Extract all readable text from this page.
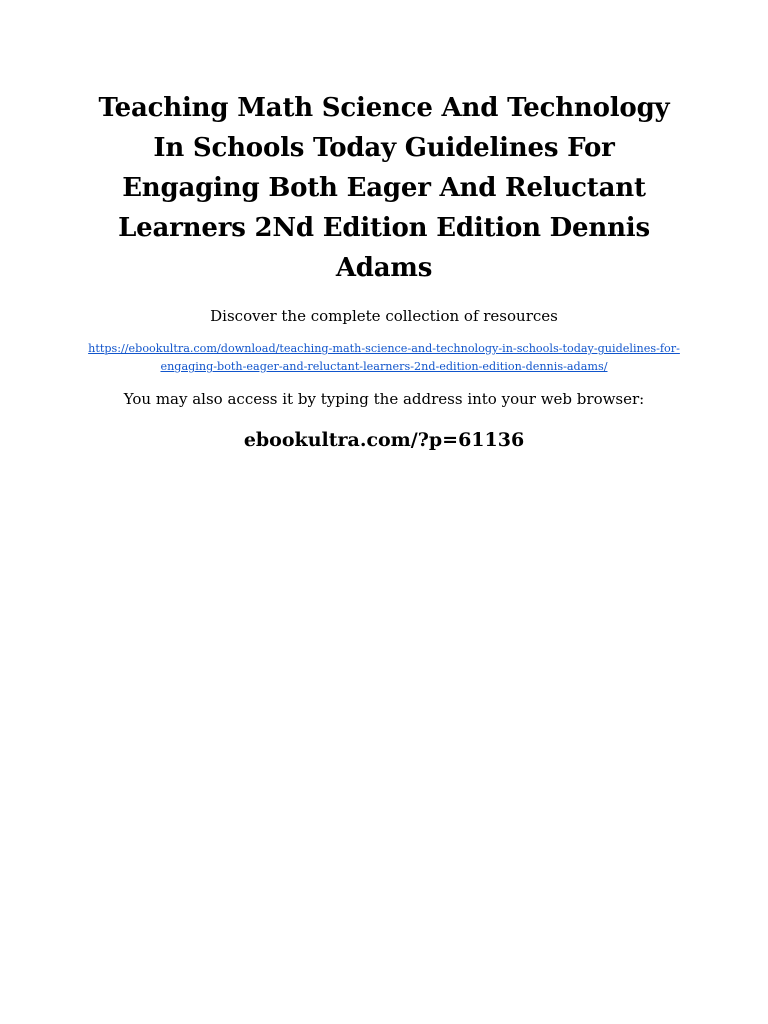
Teaching Math Science And Technology In Schools Today Guidelines For Engaging Both Eager And Reluctant Learners 2Nd Edition Edition Dennis Adams

Discover the complete collection of resources

https://ebookultra.com/download/teaching-math-science-and-technology-in-schools-today-guidelines-for-engaging-both-eager-and-reluctant-learners-2nd-edition-edition-dennis-adams/

You may also access it by typing the address into your web browser:

ebookultra.com/?p=61136
